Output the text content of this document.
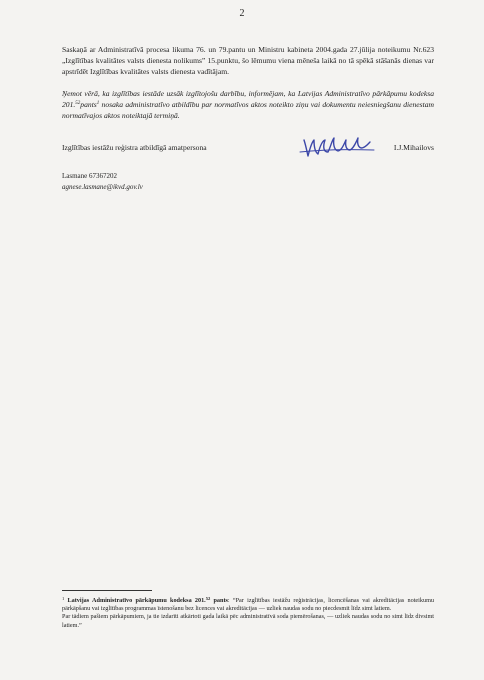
2
Saskaņā ar Administratīvā procesa likuma 76. un 79.pantu un Ministru kabineta 2004.gada 27.jūlija noteikumu Nr.623 „Izglītības kvalitātes valsts dienesta nolikums” 15.punktu, šo lēmumu viena mēneša laikā no tā spēkā stāšanās dienas var apstrīdēt Izglītības kvalitātes valsts dienesta vadītājam.
Ņemot vērā, ka izglītības iestāde uzsāk izglītojošu darbību, informējam, ka Latvijas Administratīvo pārkāpumu kodeksa 201.52pants$^1$ nosaka administratīvo atbildību par normatīvos aktos noteikto ziņu vai dokumentu neiesniegšanu dienestam normatīvajos aktos noteiktajā termiņā.
Izglītības iestāžu reģistra atbildīgā amatpersona	I.J.Mihailovs
Lasmane 67367202
agnese.lasmane@ikvd.gov.lv
$^1$ Latvijas Administratīvo pārkāpumu kodeksa 201.52 pants: “Par izglītības iestāžu reģistrācijas, licencēšanas vai akreditācijas noteikumu pārkāpšanu vai izglītības programmas īstenošanu bez licences vai akreditācijas — uzliek naudas sodu no piecdesmit līdz simt latiem.
Par tādiem pašiem pārkāpumiem, ja tie izdarīti atkārtoti gada laikā pēc administratīvā soda piemērošanas, — uzliek naudas sodu no simt līdz divsimt latiem.”
